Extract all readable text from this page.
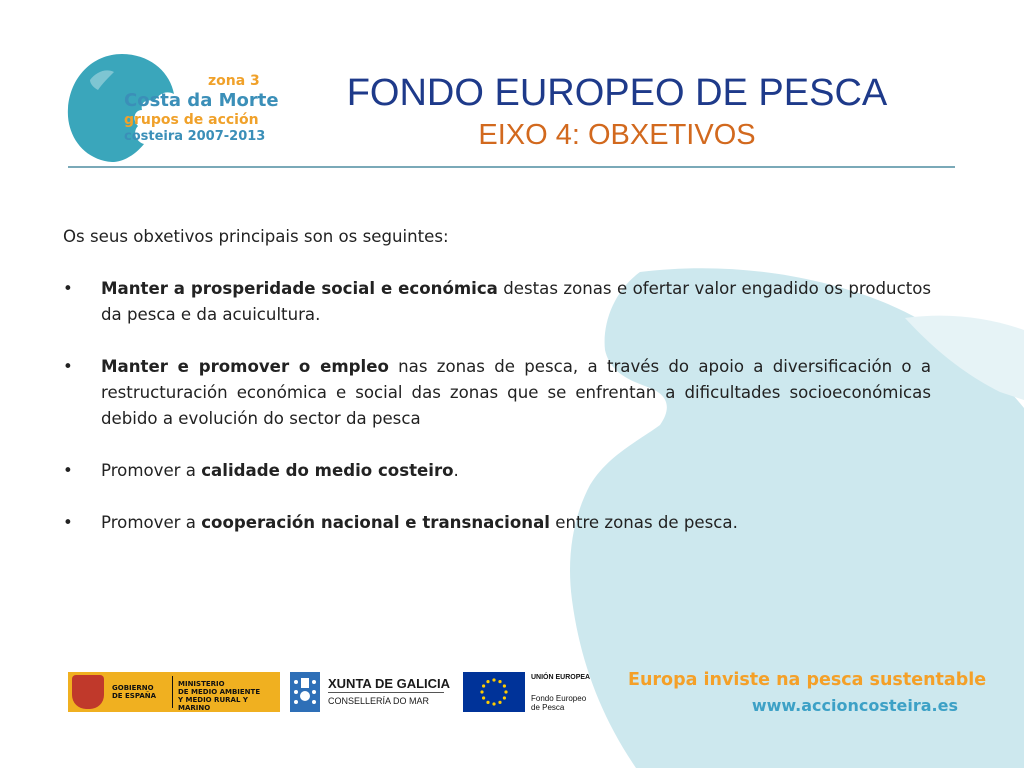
zona 3
Costa da Morte
grupos de acción
costeira 2007-2013
FONDO EUROPEO DE PESCA
EIXO 4: OBXETIVOS

Os seus obxetivos principais son os seguintes:

• Manter a prosperidade social e económica destas zonas e ofertar valor engadido os productos da pesca e da acuicultura.
• Manter e promover o empleo nas zonas de pesca, a través do apoio a diversificación o a restructuración económica e social das zonas que se enfrentan a dificultades socioeconómicas debido a evolución do sector da pesca
• Promover a calidade do medio costeiro.
• Promover a cooperación nacional e transnacional entre zonas de pesca.
GOBIERNO
DE ESPAÑA
MINISTERIO
DE MEDIO AMBIENTE
Y MEDIO RURAL Y MARINO
XUNTA DE GALICIA
CONSELLERÍA DO MAR
UNIÓN EUROPEA
Fondo Europeo
de Pesca
Europa inviste na pesca sustentable
www.accioncosteira.es
